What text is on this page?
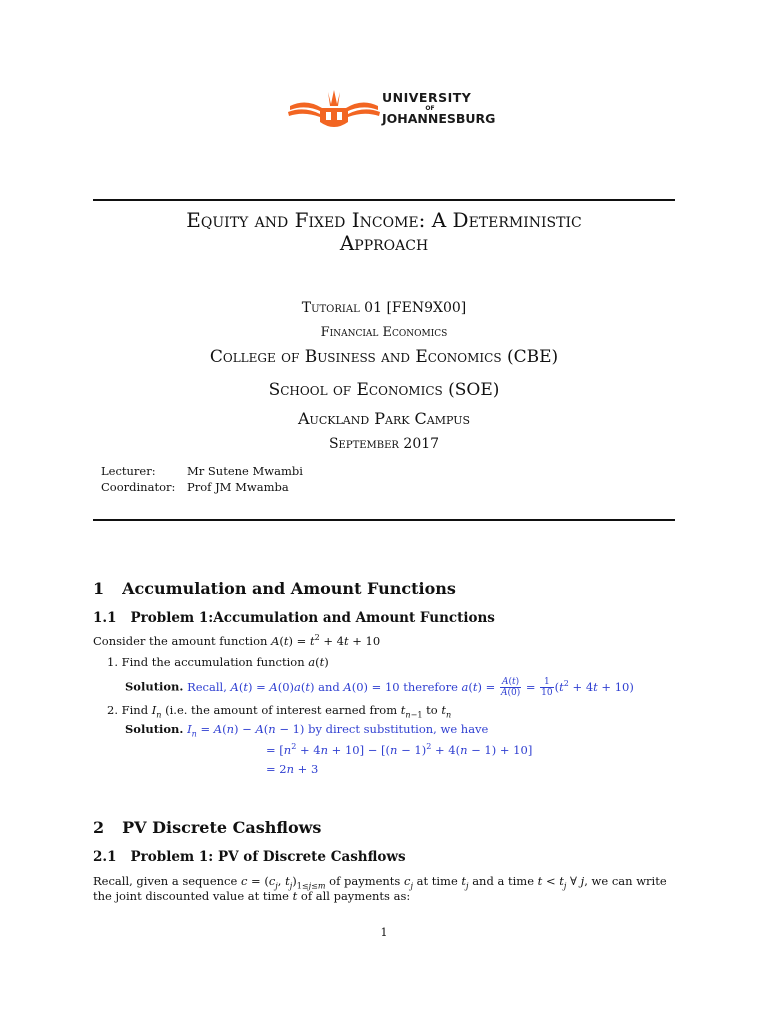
UNIVERSITY
OF
JOHANNESBURG
Equity and Fixed Income: A Deterministic
Approach
Tutorial 01 [FEN9X00]
Financial Economics
College of Business and Economics (CBE)
School of Economics (SOE)
Auckland Park Campus
September 2017
Lecturer:	Mr Sutene Mwambi
Coordinator: Prof JM Mwamba
1 Accumulation and Amount Functions
1.1 Problem 1:Accumulation and Amount Functions
Consider the amount function $A(t) = t^2 + 4t + 10$
1. Find the accumulation function a(t)
Solution. Recall, A(t) = A(0)a(t) and A(0) = 10 therefore $a(t) = \frac{A(t)}{A(0)} = \frac{1}{10} (t^2 + 4t + 10)$
2. Find $I_n$ (i.e. the amount of interest earned from $t_{n-1}$ to $t_n$
Solution. $I_n = A(n) - A(n - 1)$ by direct substitution, we have
= $[n^2 + 4n + 10] - [(n - 1)^2 + 4(n - 1) + 10]$
= 2n + 3
2 PV Discrete Cashflows
2.1 Problem 1: PV of Discrete Cashflows
Recall, given a sequence $c = (c_j$, $t_j)_{1\le j\le m}$ of payments $c_j$ at time $t_j$ and a time $t < t_j$ ∀ j, we can write
the joint discounted value at time t of all payments as:
1
